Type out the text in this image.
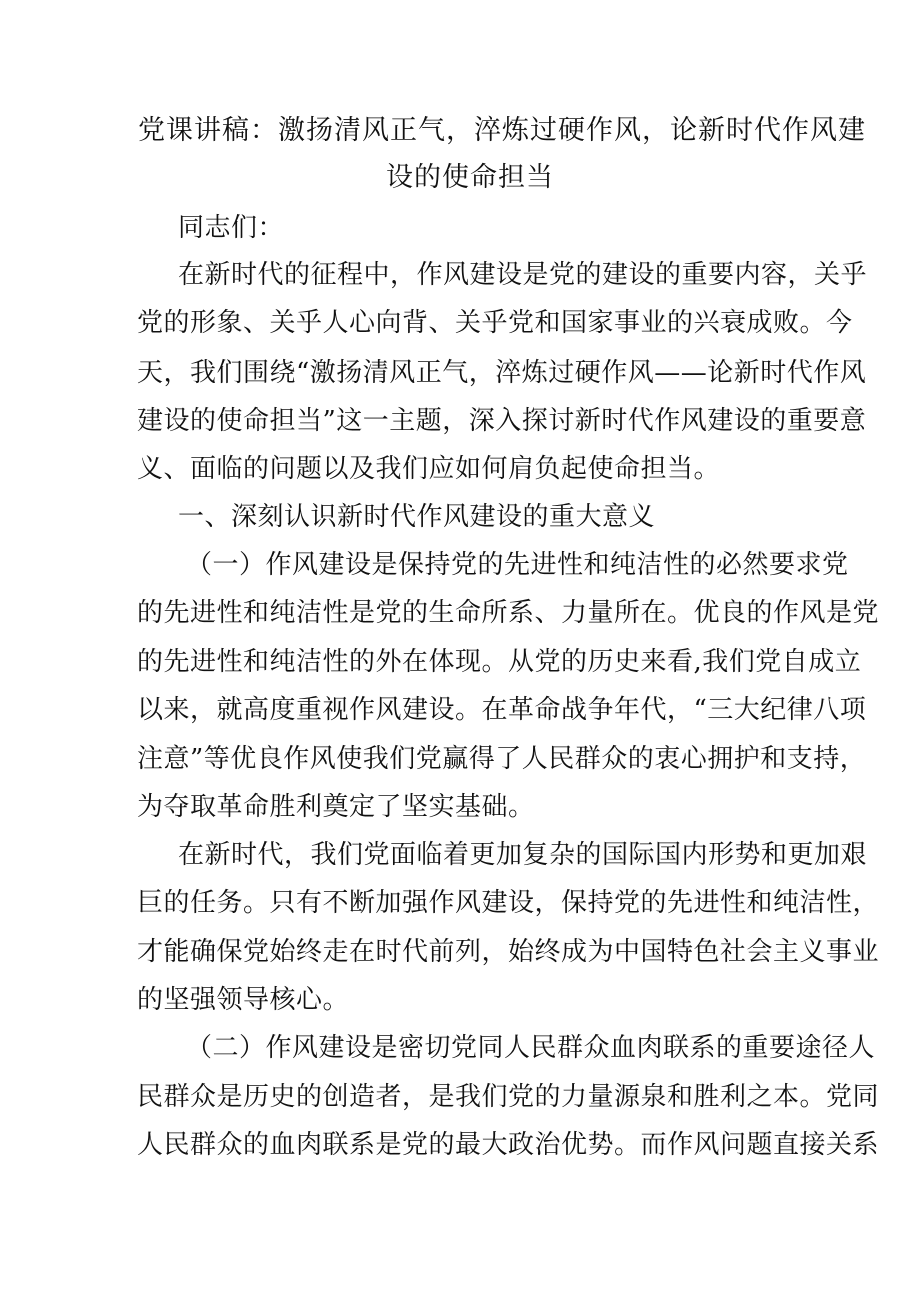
党课讲稿：激扬清风正气，淬炼过硬作风，论新时代作风建
设的使命担当
同志们：
在新时代的征程中，作风建设是党的建设的重要内容，关乎
党的形象、关乎人心向背、关乎党和国家事业的兴衰成败。今
天，我们围绕“激扬清风正气，淬炼过硬作风——论新时代作风
建设的使命担当”这一主题，深入探讨新时代作风建设的重要意
义、面临的问题以及我们应如何肩负起使命担当。
一、深刻认识新时代作风建设的重大意义
（一）作风建设是保持党的先进性和纯洁性的必然要求党
的先进性和纯洁性是党的生命所系、力量所在。优良的作风是党
的先进性和纯洁性的外在体现。从党的历史来看,我们党自成立
以来，就高度重视作风建设。在革命战争年代，“三大纪律八项
注意”等优良作风使我们党赢得了人民群众的衷心拥护和支持，
为夺取革命胜利奠定了坚实基础。
在新时代，我们党面临着更加复杂的国际国内形势和更加艰
巨的任务。只有不断加强作风建设，保持党的先进性和纯洁性，
才能确保党始终走在时代前列，始终成为中国特色社会主义事业
的坚强领导核心。
（二）作风建设是密切党同人民群众血肉联系的重要途径人
民群众是历史的创造者，是我们党的力量源泉和胜利之本。党同
人民群众的血肉联系是党的最大政治优势。而作风问题直接关系
